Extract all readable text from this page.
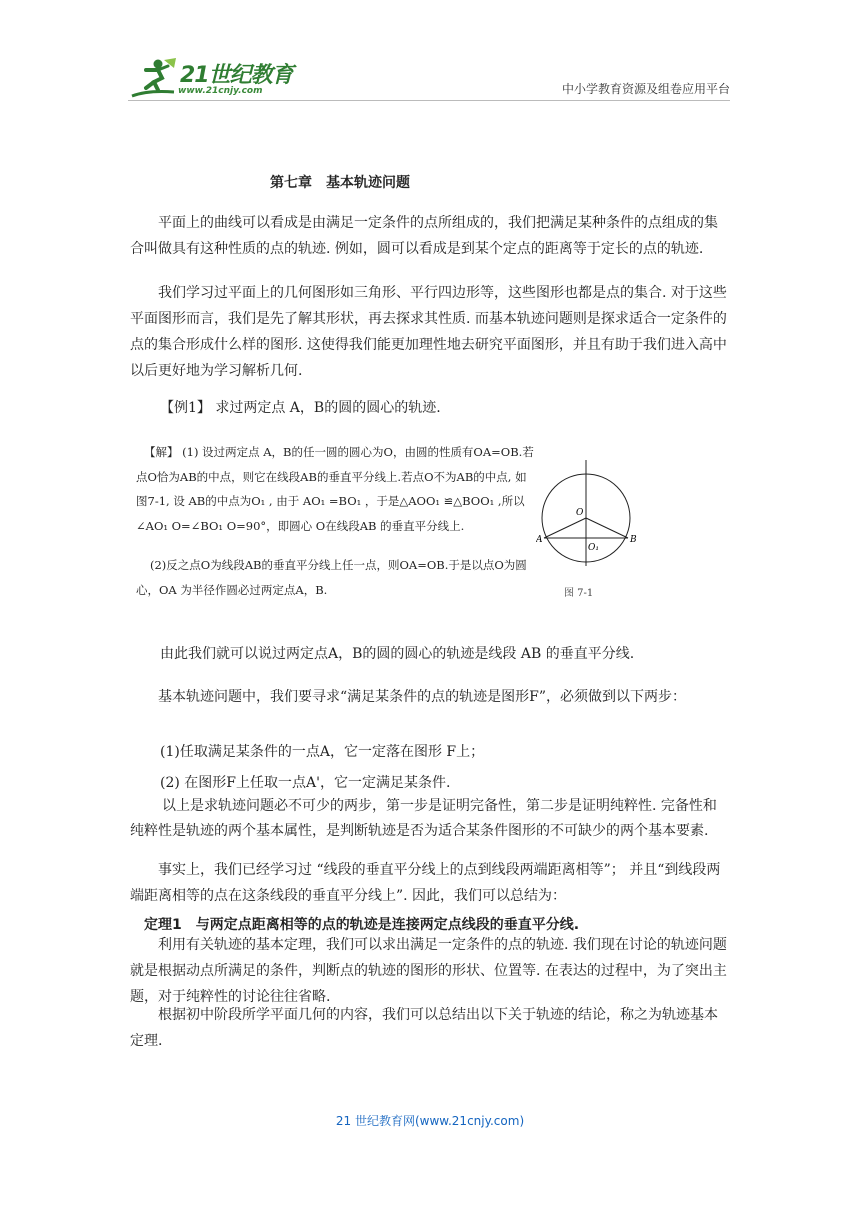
21世纪教育
www.21cnjy.com	中小学教育资源及组卷应用平台
第七章　基本轨迹问题

平面上的曲线可以看成是由满足一定条件的点所组成的，我们把满足某种条件的点组成的集合叫做具有这种性质的点的轨迹. 例如，圆可以看成是到某个定点的距离等于定长的点的轨迹.

我们学习过平面上的几何图形如三角形、平行四边形等，这些图形也都是点的集合. 对于这些平面图形而言，我们是先了解其形状，再去探求其性质. 而基本轨迹问题则是探求适合一定条件的点的集合形成什么样的图形. 这使得我们能更加理性地去研究平面图形，并且有助于我们进入高中以后更好地为学习解析几何.

【例1】 求过两定点 A，B的圆的圆心的轨迹.

【解】 (1) 设过两定点 A，B的任一圆的圆心为O，由圆的性质有OA=OB.若点O恰为AB的中点，则它在线段AB的垂直平分线上.若点O不为AB的中点, 如图7-1, 设 AB的中点为O₁ , 由于 AO₁ =BO₁ ，于是△AOO₁ ≌△BOO₁ ,所以∠AO₁ O=∠BO₁ O=90°，即圆心 O在线段AB 的垂直平分线上.

(2)反之点O为线段AB的垂直平分线上任一点，则OA=OB.于是以点O为圆心，OA 为半径作圆必过两定点A，B.

O
A	B
O₁
图 7-1

由此我们就可以说过两定点A，B的圆的圆心的轨迹是线段 AB 的垂直平分线.

基本轨迹问题中，我们要寻求“满足某条件的点的轨迹是图形F”，必须做到以下两步：

(1)任取满足某条件的一点A，它一定落在图形 F上；

(2) 在图形F上任取一点A'，它一定满足某条件.

以上是求轨迹问题必不可少的两步，第一步是证明完备性，第二步是证明纯粹性. 完备性和纯粹性是轨迹的两个基本属性，是判断轨迹是否为适合某条件图形的不可缺少的两个基本要素.

事实上，我们已经学习过 “线段的垂直平分线上的点到线段两端距离相等”； 并且“到线段两端距离相等的点在这条线段的垂直平分线上”. 因此，我们可以总结为：

定理1　与两定点距离相等的点的轨迹是连接两定点线段的垂直平分线.

利用有关轨迹的基本定理，我们可以求出满足一定条件的点的轨迹. 我们现在讨论的轨迹问题就是根据动点所满足的条件，判断点的轨迹的图形的形状、位置等. 在表达的过程中，为了突出主题，对于纯粹性的讨论往往省略.

根据初中阶段所学平面几何的内容，我们可以总结出以下关于轨迹的结论，称之为轨迹基本定理.

21 世纪教育网(www.21cnjy.com)
